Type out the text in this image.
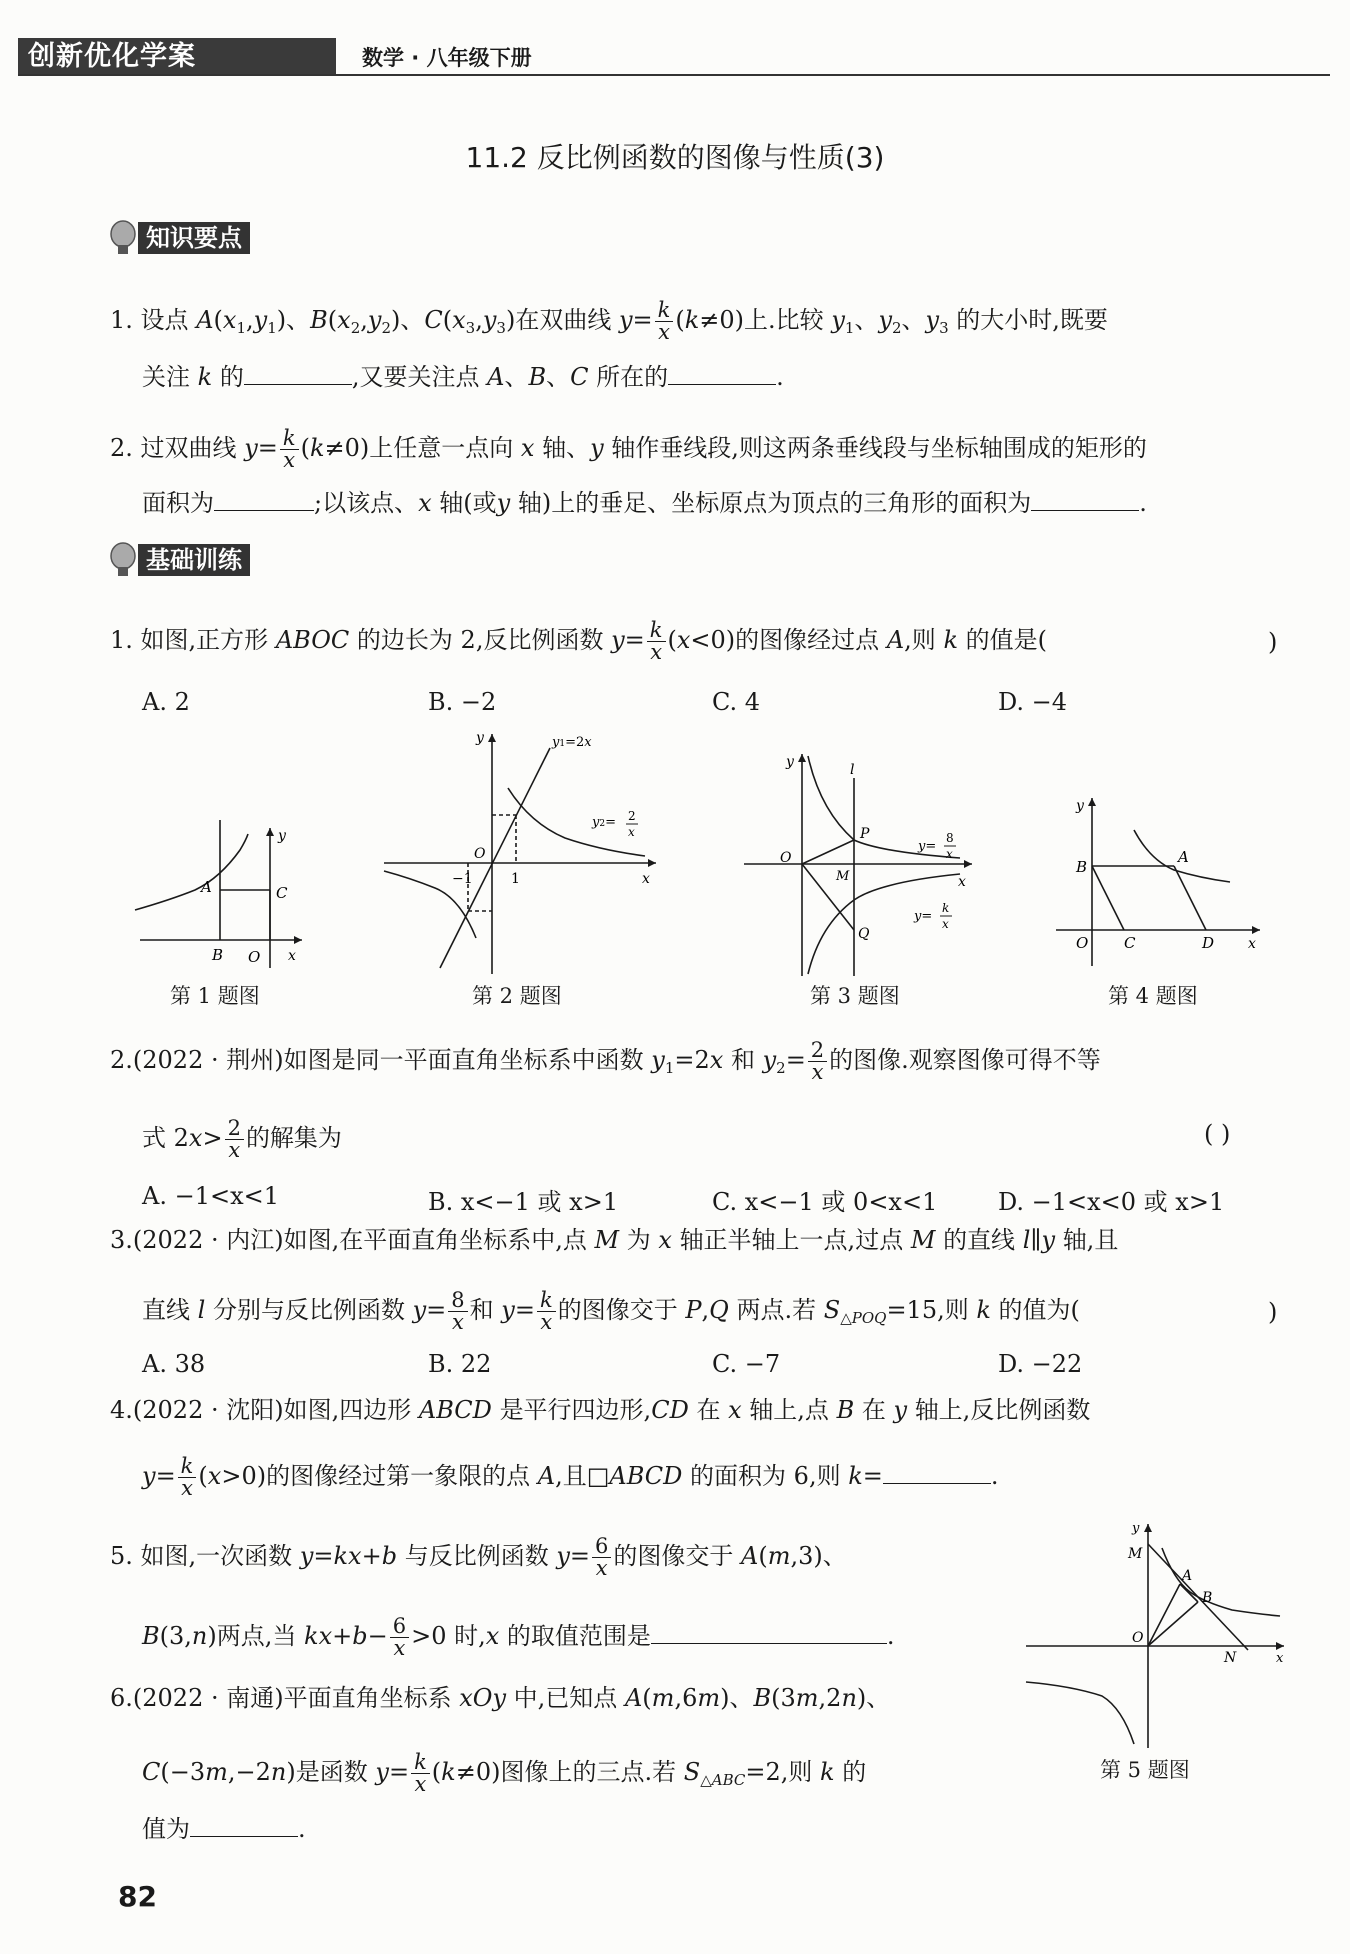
创新优化学案	数学 · 八年级下册
11.2 反比例函数的图像与性质(3)
知识要点
1. 设点 $A(x_1,y_1)$、$B(x_2,y_2)$、$C(x_3,y_3)$在双曲线 $y= \frac{k}{x} (k\ne 0)$上.比较 $y_1$、$y_2$、$y_3$ 的大小时,既要
关注 k 的	,又要关注点 A、B、C 所在的	.
2. 过双曲线 $y= \frac{k}{x} (k\ne 0)$上任意一点向 x 轴、y 轴作垂线段,则这两条垂线段与坐标轴围成的矩形的
面积为	;以该点、x 轴(或y 轴)上的垂足、坐标原点为顶点的三角形的面积为	.
基础训练
1. 如图,正方形 ABOC 的边长为 2,反比例函数 $y= \frac{k}{x} (x<0)$的图像经过点 A,则 k 的值是(	)
A. 2	B. −2	C. 4	D. −4
y
A	C
B O x
第 1 题图
y	y1=2x
y2= 2
x
O
−1	1	x
第 2 题图
y	l
P
O
M
Q
x
y=
8
x
y=
k
x
第 3 题图
y
B
A
O C	D x
第 4 题图
2.(2022 · 荆州)如图是同一平面直角坐标系中函数 $y_1=2x$ 和 $y_2= \frac{2}{x}$ 的图像.观察图像可得不等
式 $2x> \frac{2}{x}$ 的解集为	( )
A. −1<x<1	B. x<−1 或 x>1	C. x<−1 或 0<x<1	D. −1<x<0 或 x>1
3.(2022 · 内江)如图,在平面直角坐标系中,点 M 为 x 轴正半轴上一点,过点 M 的直线 l∥y 轴,且
直线 l 分别与反比例函数 $y= \frac{8}{x}$ 和 $y= \frac{k}{x}$ 的图像交于 P,Q 两点.若 $S_{\triangle POQ}=15$,则 k 的值为(	)
A. 38	B. 22	C. −7	D. −22
4.(2022 · 沈阳)如图,四边形 ABCD 是平行四边形,CD 在 x 轴上,点 B 在 y 轴上,反比例函数
$y= \frac{k}{x} (x>0)$的图像经过第一象限的点 A,且□ABCD 的面积为 6,则 k=	.
5. 如图,一次函数 y=kx+b 与反比例函数 $y= \frac{6}{x}$ 的图像交于 A(m,3)、
B(3,n)两点,当 $kx+b- \frac{6}{x} >0$ 时,x 的取值范围是	.
y
M
A
B
O
N	x
第 5 题图
6.(2022 · 南通)平面直角坐标系 xOy 中,已知点 A(m,6m)、B(3m,2n)、
C(−3m,−2n)是函数 $y= \frac{k}{x} (k\ne 0)$图像上的三点.若 $S_{\triangle ABC}=2$,则 k 的
值为	.
82
